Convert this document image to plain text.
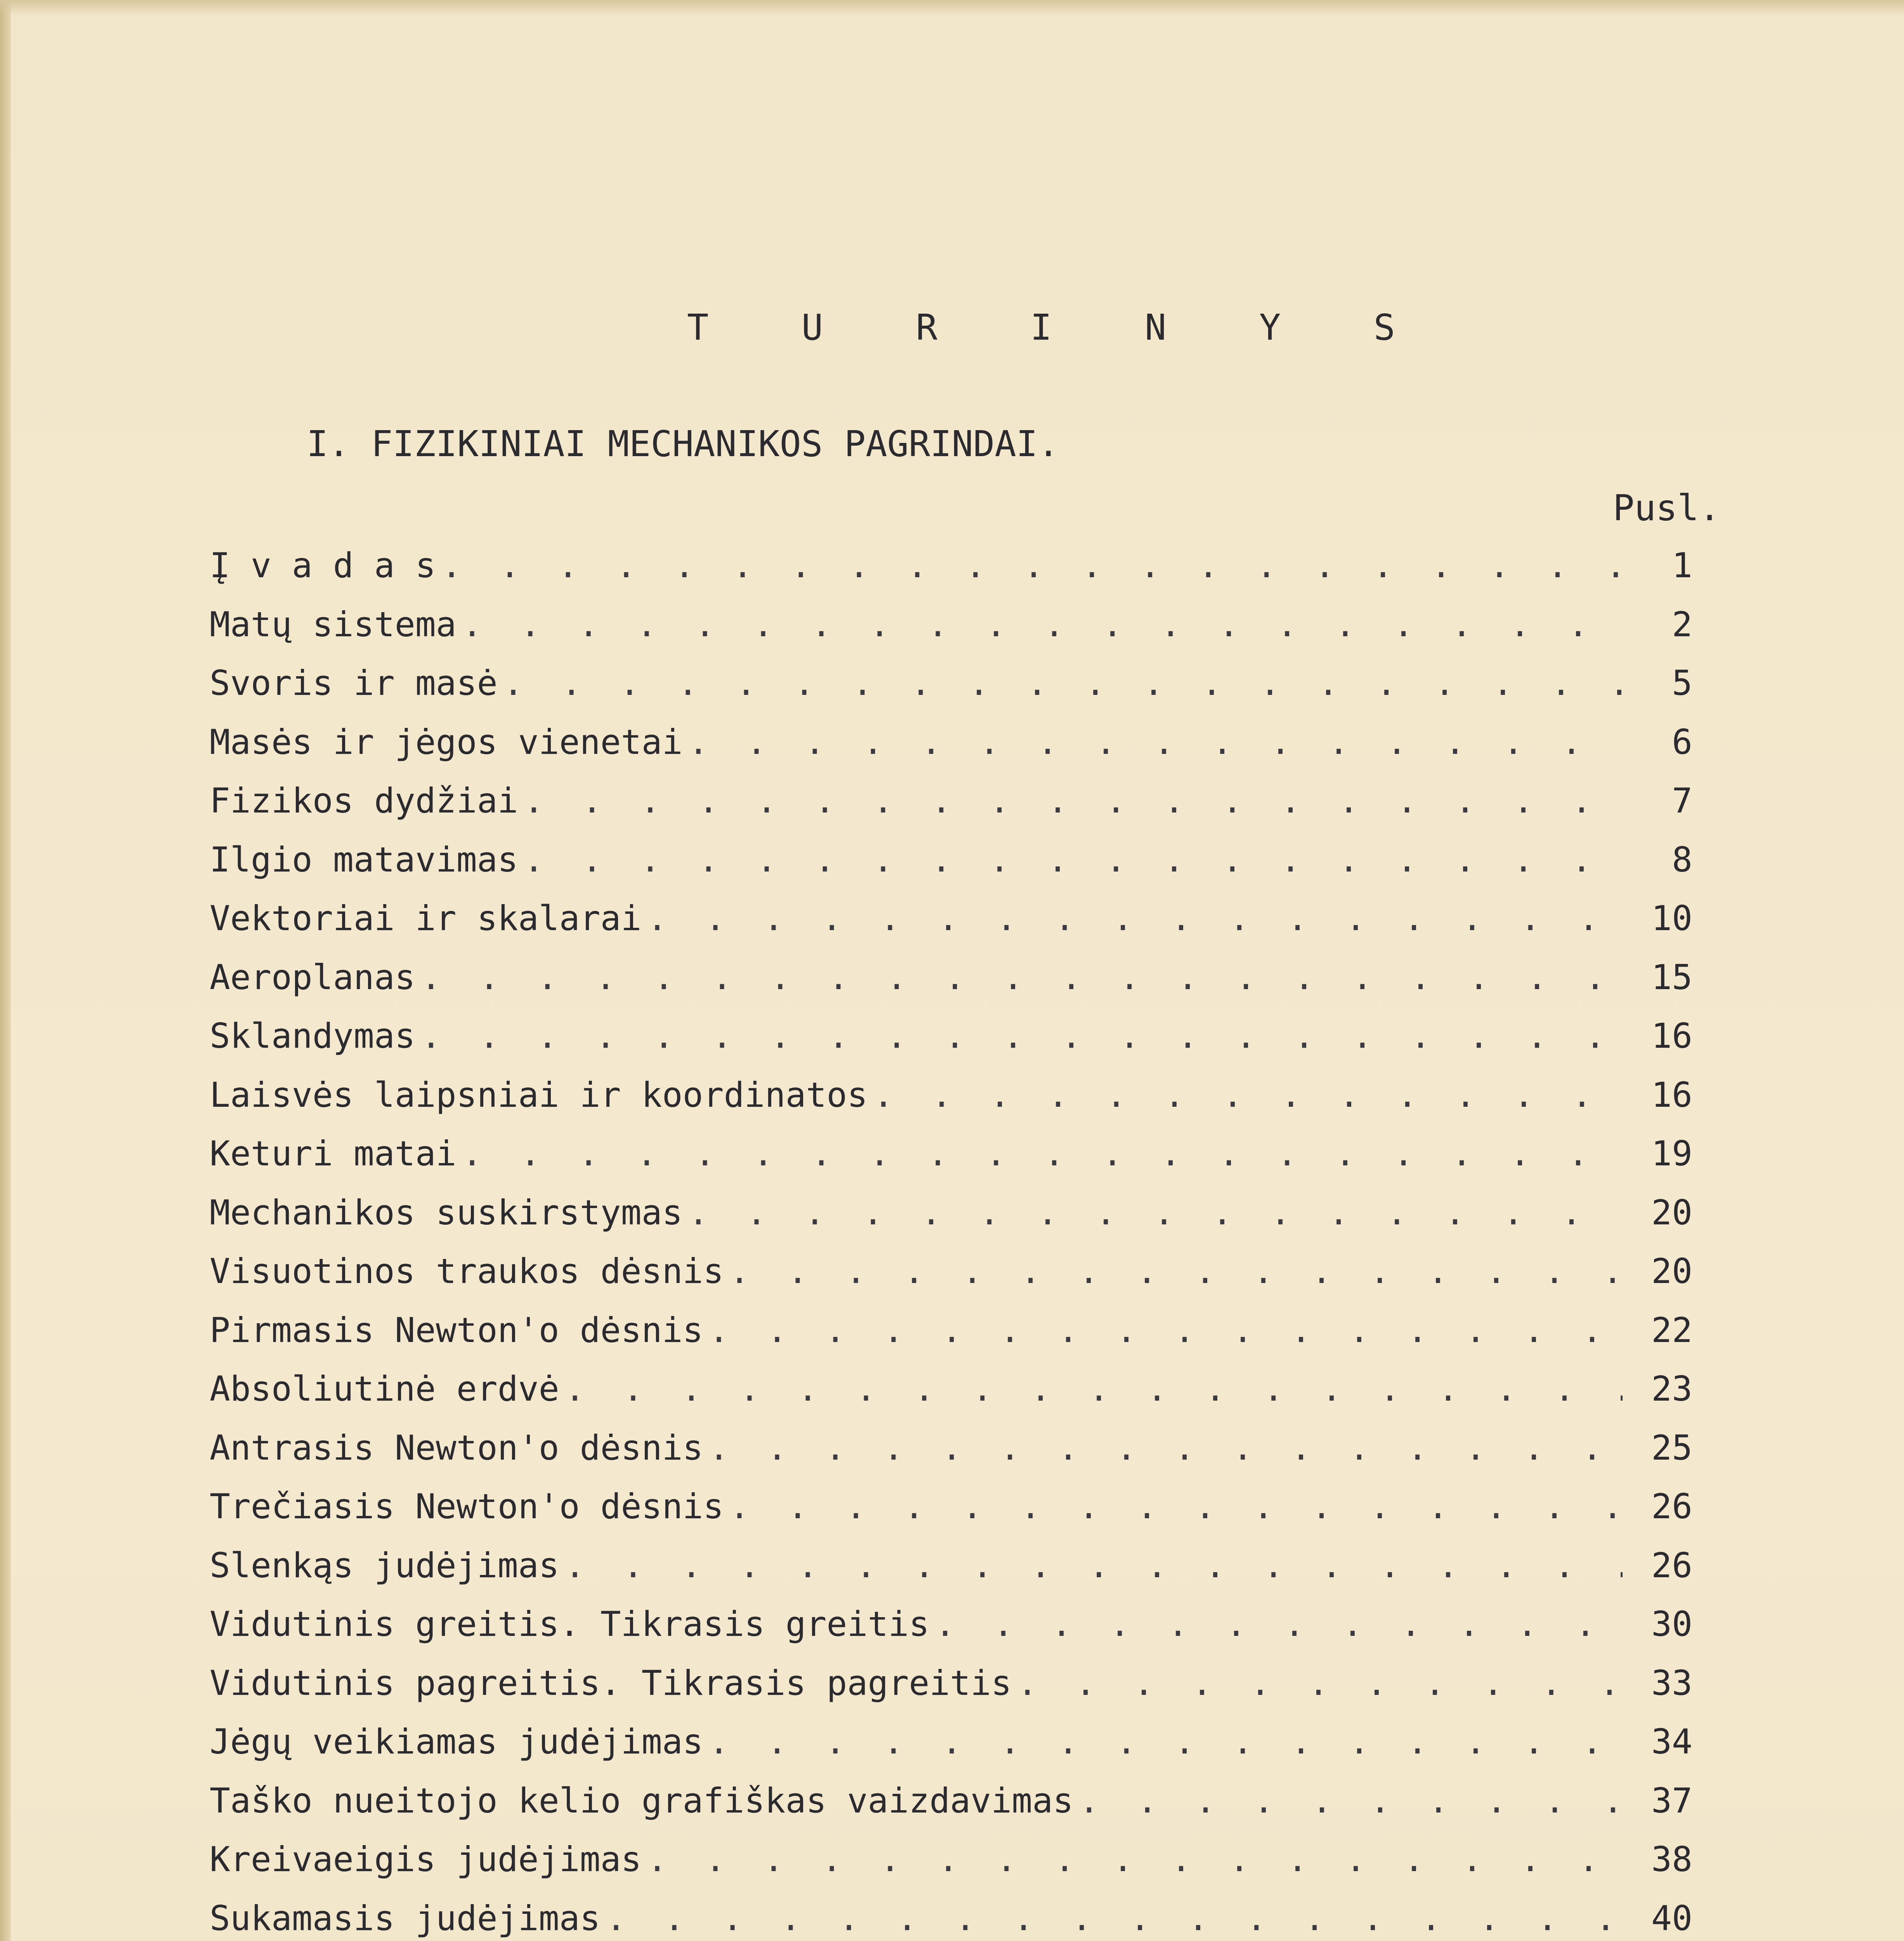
T U R I N Y S
I. FIZIKINIAI MECHANIKOS PAGRINDAI.
Pusl.
Į v a d a s . . .	1
Matų sistema . . .	2
Svoris ir masė . . .	5
Masės ir jėgos vienetai . . .	6
Fizikos dydžiai . . .	7
Ilgio matavimas . . .	8
Vektoriai ir skalarai . . .	10
Aeroplanas . . .	15
Sklandymas . . .	16
Laisvės laipsniai ir koordinatos . . .	16
Keturi matai . . .	19
Mechanikos suskirstymas . . .	20
Visuotinos traukos dėsnis . . .	20
Pirmasis Newton'o dėsnis . . .	22
Absoliutinė erdvė . . .	23
Antrasis Newton'o dėsnis . . .	25
Trečiasis Newton'o dėsnis . . .	26
Slenkąs judėjimas . . .	26
Vidutinis greitis. Tikrasis greitis . . .	30
Vidutinis pagreitis. Tikrasis pagreitis . . .	33
Jėgų veikiamas judėjimas . . .	34
Taško nueitojo kelio grafiškas vaizdavimas . . .	37
Kreivaeigis judėjimas . . .	38
Sukamasis judėjimas . . .	40
